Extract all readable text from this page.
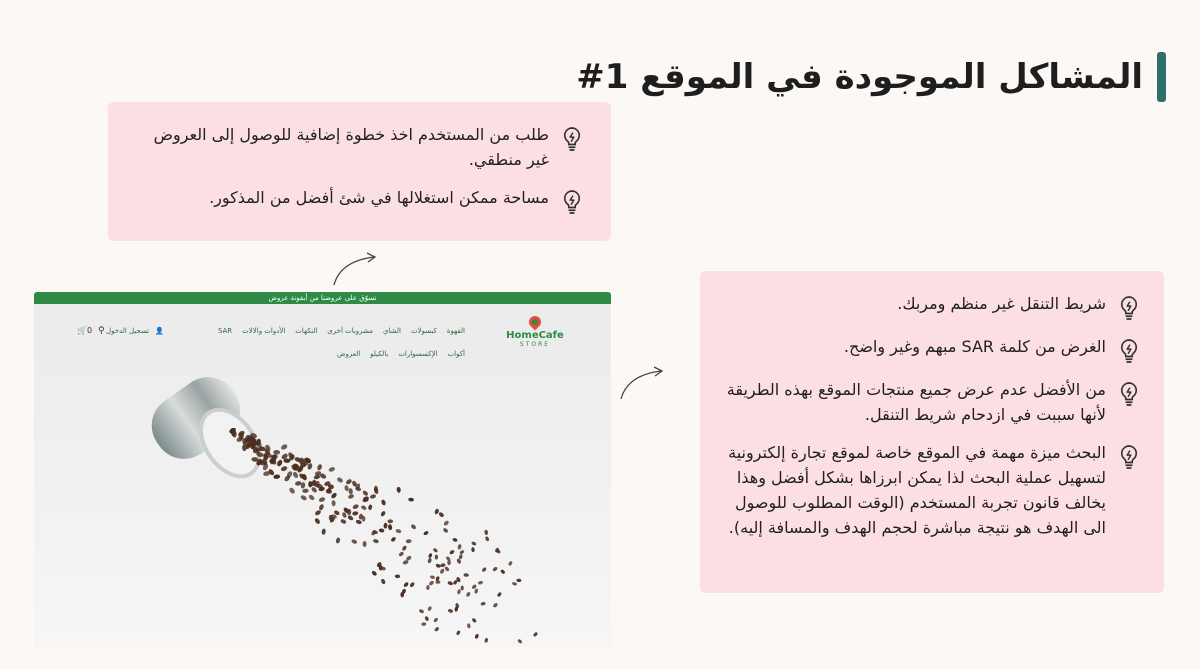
المشاكل الموجودة في الموقع 1#
طلب من المستخدم اخذ خطوة إضافية للوصول إلى العروض غير منطقي.
مساحة ممكن استغلالها في شئ أفضل من المذكور.
شريط التنقل غير منظم ومربك.
الغرض من كلمة SAR مبهم وغير واضح.
من الأفضل عدم عرض جميع منتجات الموقع بهذه الطريقة لأنها سببت في ازدحام شريط التنقل.
البحث ميزة مهمة في الموقع خاصة لموقع تجارة إلكترونية لتسهيل عملية البحث لذا يمكن ابرزاها بشكل أفضل وهذا يخالف قانون تجربة المستخدم (الوقت المطلوب للوصول الى الهدف هو نتيجة مباشرة لحجم الهدف والمسافة إليه).
تسوّق على عروضنا من أيقونة عروض
HomeCafe
STORE
القهوة
كبسولات
الشاي
مشروبات أخرى
النكهات
الأدوات والالات
SAR
أكواب
الإكسسوارات
بالكيلو
العروض
👤
تسجيل الدخول
⚲
🛒0
